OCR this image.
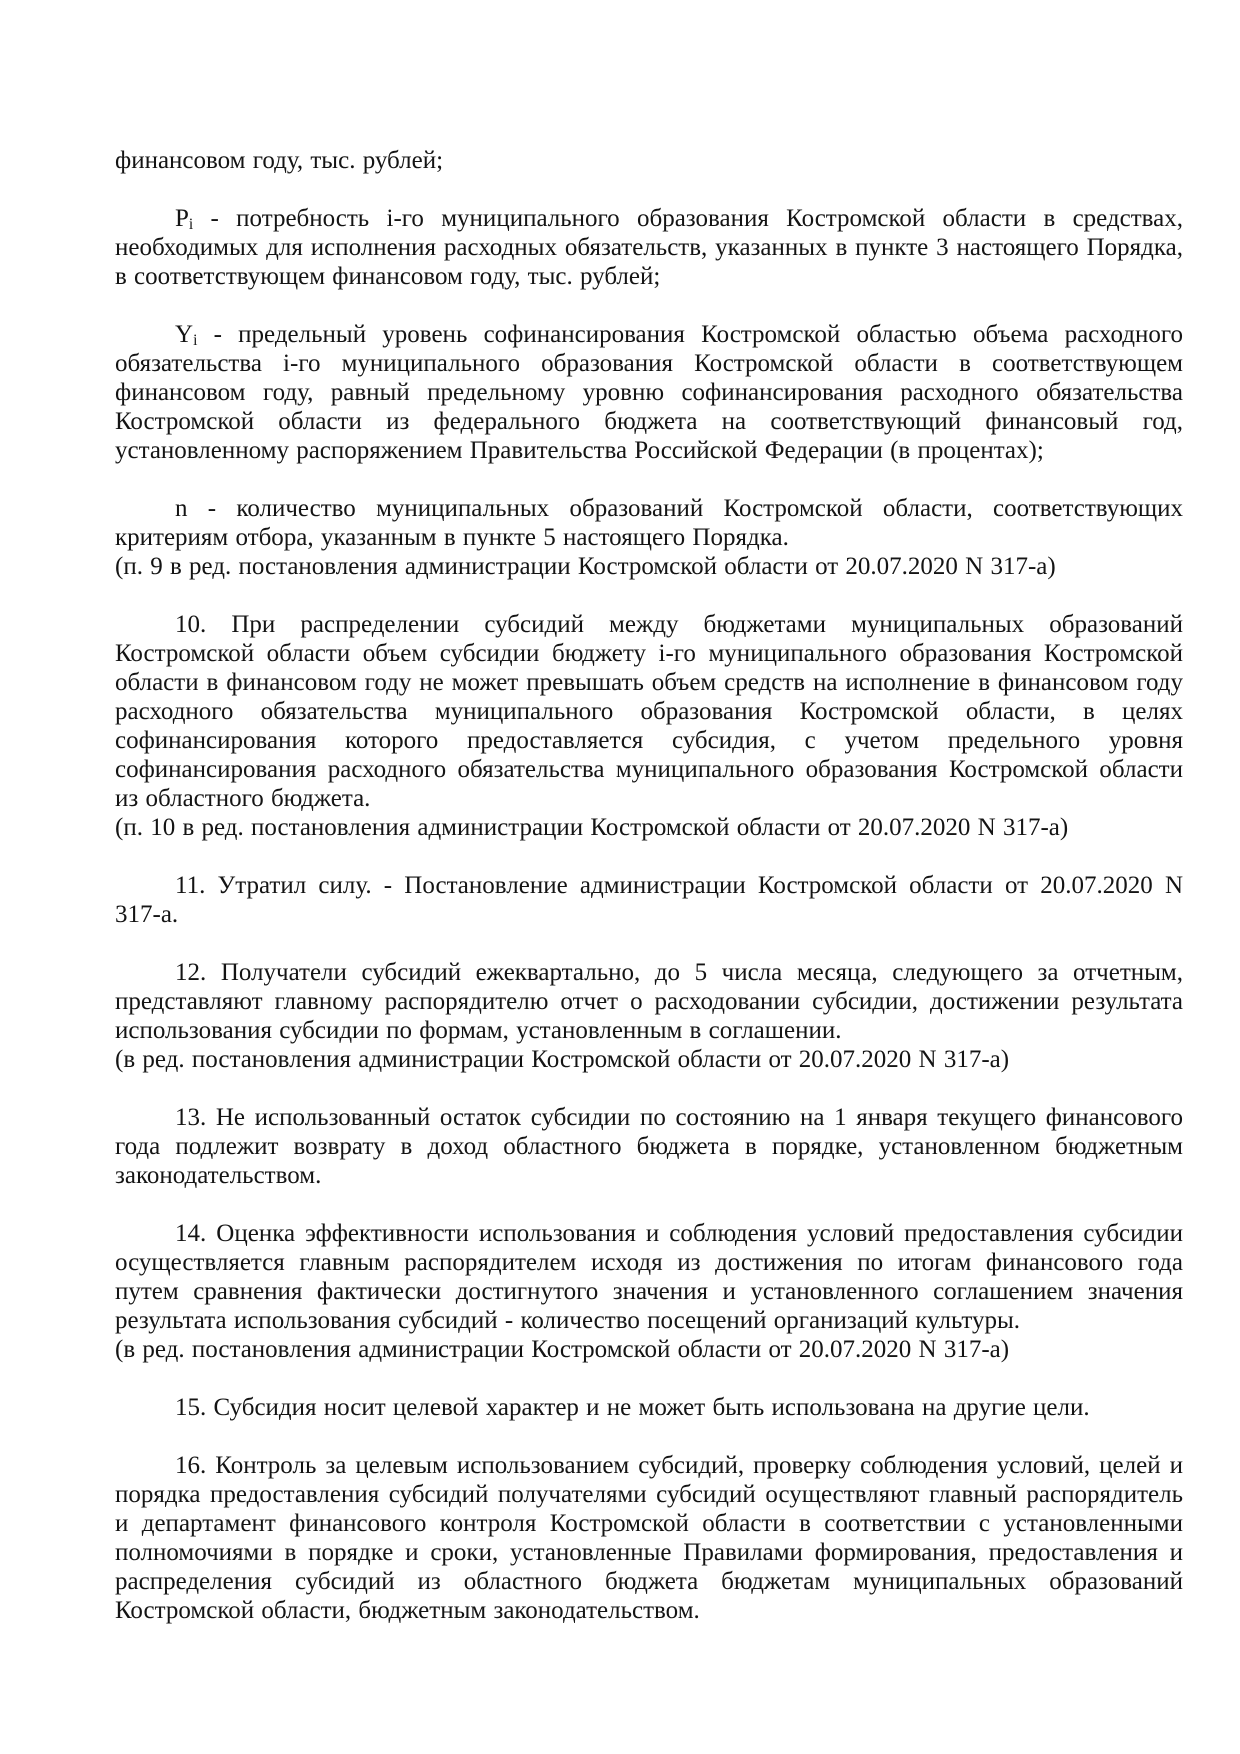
финансовом году, тыс. рублей;

$P_i$ - потребность i-го муниципального образования Костромской области в средствах, необходимых для исполнения расходных обязательств, указанных в пункте 3 настоящего Порядка, в соответствующем финансовом году, тыс. рублей;

$Y_i$ - предельный уровень софинансирования Костромской областью объема расходного обязательства i-го муниципального образования Костромской области в соответствующем финансовом году, равный предельному уровню софинансирования расходного обязательства Костромской области из федерального бюджета на соответствующий финансовый год, установленному распоряжением Правительства Российской Федерации (в процентах);

n - количество муниципальных образований Костромской области, соответствующих критериям отбора, указанным в пункте 5 настоящего Порядка.

(п. 9 в ред. постановления администрации Костромской области от 20.07.2020 N 317-а)

10. При распределении субсидий между бюджетами муниципальных образований Костромской области объем субсидии бюджету i-го муниципального образования Костромской области в финансовом году не может превышать объем средств на исполнение в финансовом году расходного обязательства муниципального образования Костромской области, в целях софинансирования которого предоставляется субсидия, с учетом предельного уровня софинансирования расходного обязательства муниципального образования Костромской области из областного бюджета.

(п. 10 в ред. постановления администрации Костромской области от 20.07.2020 N 317-а)

11. Утратил силу. - Постановление администрации Костромской области от 20.07.2020 N 317-а.

12. Получатели субсидий ежеквартально, до 5 числа месяца, следующего за отчетным, представляют главному распорядителю отчет о расходовании субсидии, достижении результата использования субсидии по формам, установленным в соглашении.

(в ред. постановления администрации Костромской области от 20.07.2020 N 317-а)

13. Не использованный остаток субсидии по состоянию на 1 января текущего финансового года подлежит возврату в доход областного бюджета в порядке, установленном бюджетным законодательством.

14. Оценка эффективности использования и соблюдения условий предоставления субсидии осуществляется главным распорядителем исходя из достижения по итогам финансового года путем сравнения фактически достигнутого значения и установленного соглашением значения результата использования субсидий - количество посещений организаций культуры.

(в ред. постановления администрации Костромской области от 20.07.2020 N 317-а)

15. Субсидия носит целевой характер и не может быть использована на другие цели.

16. Контроль за целевым использованием субсидий, проверку соблюдения условий, целей и порядка предоставления субсидий получателями субсидий осуществляют главный распорядитель и департамент финансового контроля Костромской области в соответствии с установленными полномочиями в порядке и сроки, установленные Правилами формирования, предоставления и распределения субсидий из областного бюджета бюджетам муниципальных образований Костромской области, бюджетным законодательством.
